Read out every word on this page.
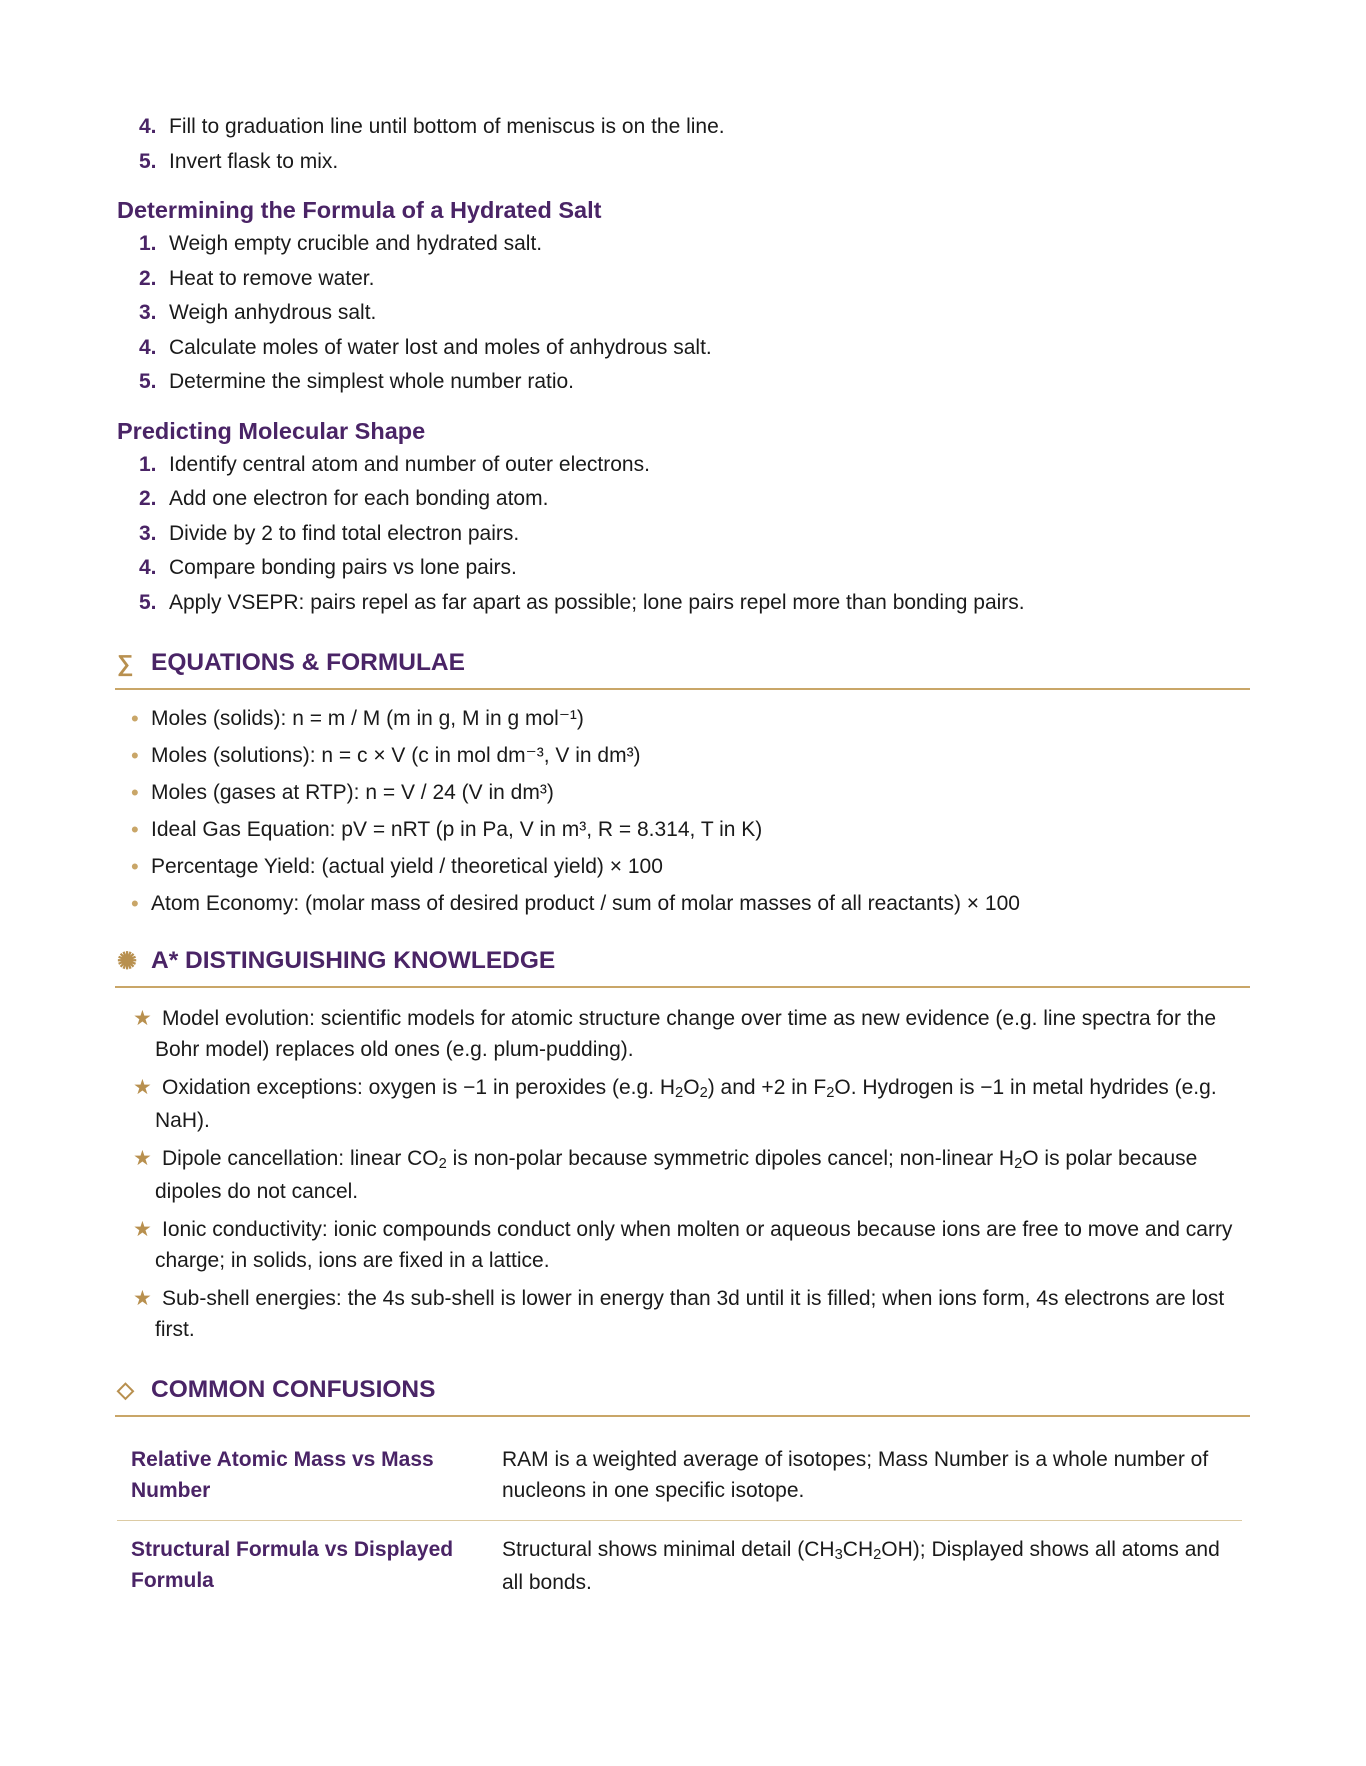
4. Fill to graduation line until bottom of meniscus is on the line.
5. Invert flask to mix.
Determining the Formula of a Hydrated Salt
1. Weigh empty crucible and hydrated salt.
2. Heat to remove water.
3. Weigh anhydrous salt.
4. Calculate moles of water lost and moles of anhydrous salt.
5. Determine the simplest whole number ratio.
Predicting Molecular Shape
1. Identify central atom and number of outer electrons.
2. Add one electron for each bonding atom.
3. Divide by 2 to find total electron pairs.
4. Compare bonding pairs vs lone pairs.
5. Apply VSEPR: pairs repel as far apart as possible; lone pairs repel more than bonding pairs.
∑ EQUATIONS & FORMULAE
• Moles (solids): n = m / M (m in g, M in g mol⁻¹)
• Moles (solutions): n = c × V (c in mol dm⁻³, V in dm³)
• Moles (gases at RTP): n = V / 24 (V in dm³)
• Ideal Gas Equation: pV = nRT (p in Pa, V in m³, R = 8.314, T in K)
• Percentage Yield: (actual yield / theoretical yield) × 100
• Atom Economy: (molar mass of desired product / sum of molar masses of all reactants) × 100
✺ A* DISTINGUISHING KNOWLEDGE
★ Model evolution: scientific models for atomic structure change over time as new evidence (e.g. line spectra for the Bohr model) replaces old ones (e.g. plum-pudding).
★ Oxidation exceptions: oxygen is −1 in peroxides (e.g. H2O2) and +2 in F2O. Hydrogen is −1 in metal hydrides (e.g. NaH).
★ Dipole cancellation: linear CO2 is non-polar because symmetric dipoles cancel; non-linear H2O is polar because dipoles do not cancel.
★ Ionic conductivity: ionic compounds conduct only when molten or aqueous because ions are free to move and carry charge; in solids, ions are fixed in a lattice.
★ Sub-shell energies: the 4s sub-shell is lower in energy than 3d until it is filled; when ions form, 4s electrons are lost first.
◇ COMMON CONFUSIONS
Relative Atomic Mass vs Mass Number	RAM is a weighted average of isotopes; Mass Number is a whole number of nucleons in one specific isotope.
Structural Formula vs Displayed Formula	Structural shows minimal detail (CH3CH2OH); Displayed shows all atoms and all bonds.
